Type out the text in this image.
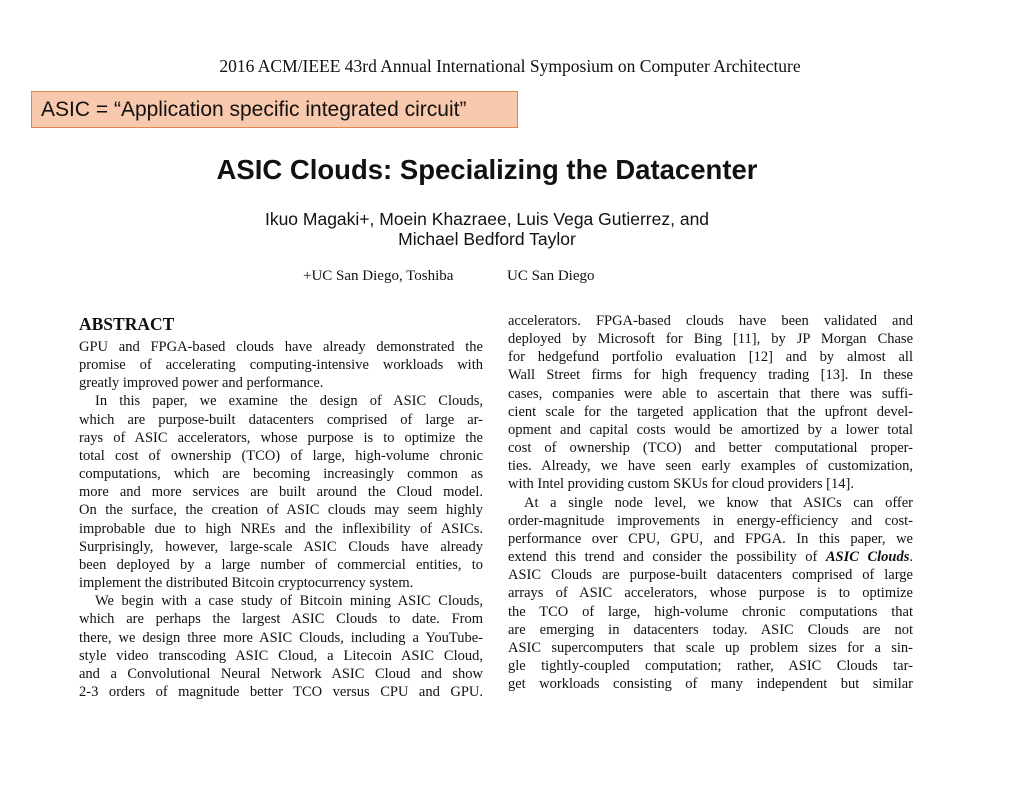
2016 ACM/IEEE 43rd Annual International Symposium on Computer Architecture
ASIC = “Application specific integrated circuit”
ASIC Clouds: Specializing the Datacenter
Ikuo Magaki+, Moein Khazraee, Luis Vega Gutierrez, and
Michael Bedford Taylor
+UC San Diego, Toshiba	UC San Diego
ABSTRACT
GPU and FPGA-based clouds have already demonstrated the
promise of accelerating computing-intensive workloads with
greatly improved power and performance.
In this paper, we examine the design of ASIC Clouds,
which are purpose-built datacenters comprised of large ar-
rays of ASIC accelerators, whose purpose is to optimize the
total cost of ownership (TCO) of large, high-volume chronic
computations, which are becoming increasingly common as
more and more services are built around the Cloud model.
On the surface, the creation of ASIC clouds may seem highly
improbable due to high NREs and the inflexibility of ASICs.
Surprisingly, however, large-scale ASIC Clouds have already
been deployed by a large number of commercial entities, to
implement the distributed Bitcoin cryptocurrency system.
We begin with a case study of Bitcoin mining ASIC Clouds,
which are perhaps the largest ASIC Clouds to date. From
there, we design three more ASIC Clouds, including a YouTube-
style video transcoding ASIC Cloud, a Litecoin ASIC Cloud,
and a Convolutional Neural Network ASIC Cloud and show
2-3 orders of magnitude better TCO versus CPU and GPU.
accelerators. FPGA-based clouds have been validated and
deployed by Microsoft for Bing [11], by JP Morgan Chase
for hedgefund portfolio evaluation [12] and by almost all
Wall Street firms for high frequency trading [13]. In these
cases, companies were able to ascertain that there was suffi-
cient scale for the targeted application that the upfront devel-
opment and capital costs would be amortized by a lower total
cost of ownership (TCO) and better computational proper-
ties. Already, we have seen early examples of customization,
with Intel providing custom SKUs for cloud providers [14].
At a single node level, we know that ASICs can offer
order-magnitude improvements in energy-efficiency and cost-
performance over CPU, GPU, and FPGA. In this paper, we
extend this trend and consider the possibility of ASIC Clouds.
ASIC Clouds are purpose-built datacenters comprised of large
arrays of ASIC accelerators, whose purpose is to optimize
the TCO of large, high-volume chronic computations that
are emerging in datacenters today. ASIC Clouds are not
ASIC supercomputers that scale up problem sizes for a sin-
gle tightly-coupled computation; rather, ASIC Clouds tar-
get workloads consisting of many independent but similar
